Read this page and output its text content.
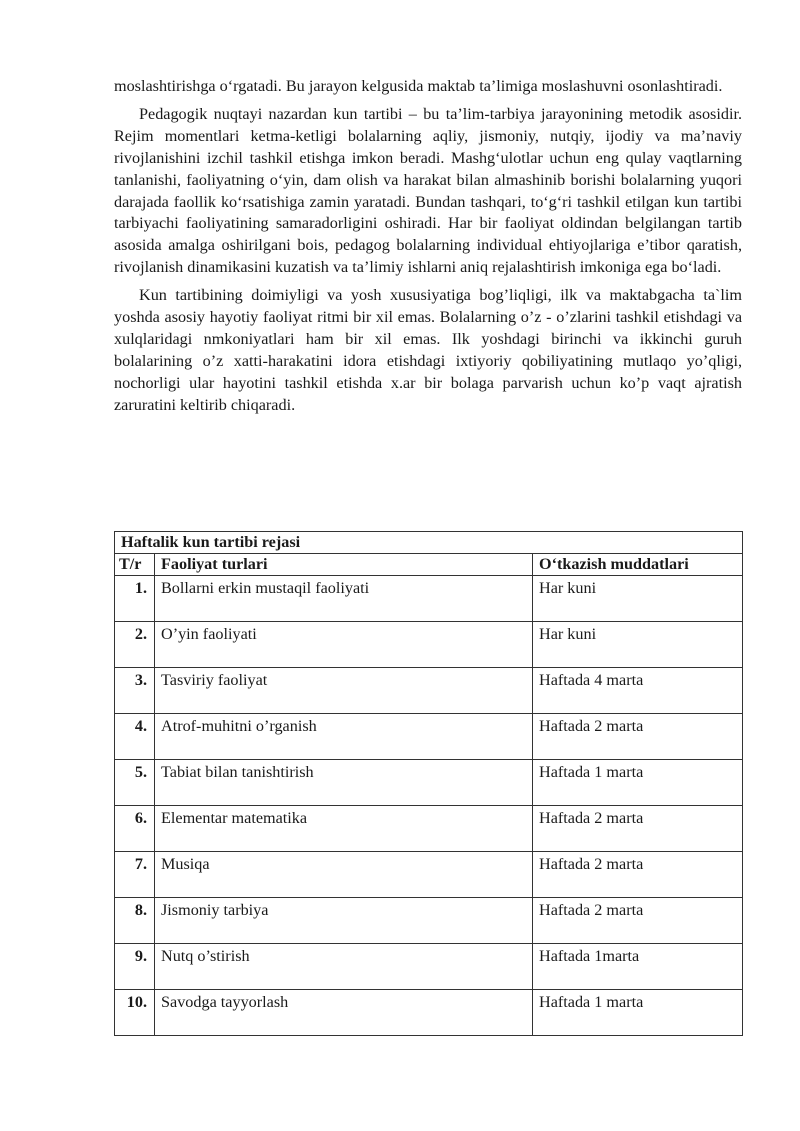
moslashtirishga o‘rgatadi. Bu jarayon kelgusida maktab ta’limiga moslashuvni osonlashtiradi.

Pedagogik nuqtayi nazardan kun tartibi – bu ta’lim-tarbiya jarayonining metodik asosidir. Rejim momentlari ketma-ketligi bolalarning aqliy, jismoniy, nutqiy, ijodiy va ma’naviy rivojlanishini izchil tashkil etishga imkon beradi. Mashg‘ulotlar uchun eng qulay vaqtlarning tanlanishi, faoliyatning o‘yin, dam olish va harakat bilan almashinib borishi bolalarning yuqori darajada faollik ko‘rsatishiga zamin yaratadi. Bundan tashqari, to‘g‘ri tashkil etilgan kun tartibi tarbiyachi faoliyatining samaradorligini oshiradi. Har bir faoliyat oldindan belgilangan tartib asosida amalga oshirilgani bois, pedagog bolalarning individual ehtiyojlariga e’tibor qaratish, rivojlanish dinamikasini kuzatish va ta’limiy ishlarni aniq rejalashtirish imkoniga ega bo‘ladi.

Kun tartibining doimiyligi va yosh xususiyatiga bog’liqligi, ilk va maktabgacha ta`lim yoshda asosiy hayotiy faoliyat ritmi bir xil emas. Bolalarning o’z - o’zlarini tashkil etishdagi va xulqlaridagi nmkoniyatlari ham bir xil emas. Ilk yoshdagi birinchi va ikkinchi guruh bolalarining o’z xatti-harakatini idora etishdagi ixtiyoriy qobiliyatining mutlaqo yo’qligi, nochorligi ular hayotini tashkil etishda x.ar bir bolaga parvarish uchun ko’p vaqt ajratish zaruratini keltirib chiqaradi.

Haftalik kun tartibi rejasi		
T/r	Faoliyat turlari	O‘tkazish muddatlari
1.	Bollarni erkin mustaqil faoliyati	Har kuni
2.	O’yin faoliyati	Har kuni
3.	Tasviriy faoliyat	Haftada 4 marta
4.	Atrof-muhitni o’rganish	Haftada 2 marta
5.	Tabiat bilan tanishtirish	Haftada 1 marta
6.	Elementar matematika	Haftada 2 marta
7.	Musiqa	Haftada 2 marta
8.	Jismoniy tarbiya	Haftada 2 marta
9.	Nutq o’stirish	Haftada 1marta
10.	Savodga tayyorlash	Haftada 1 marta
